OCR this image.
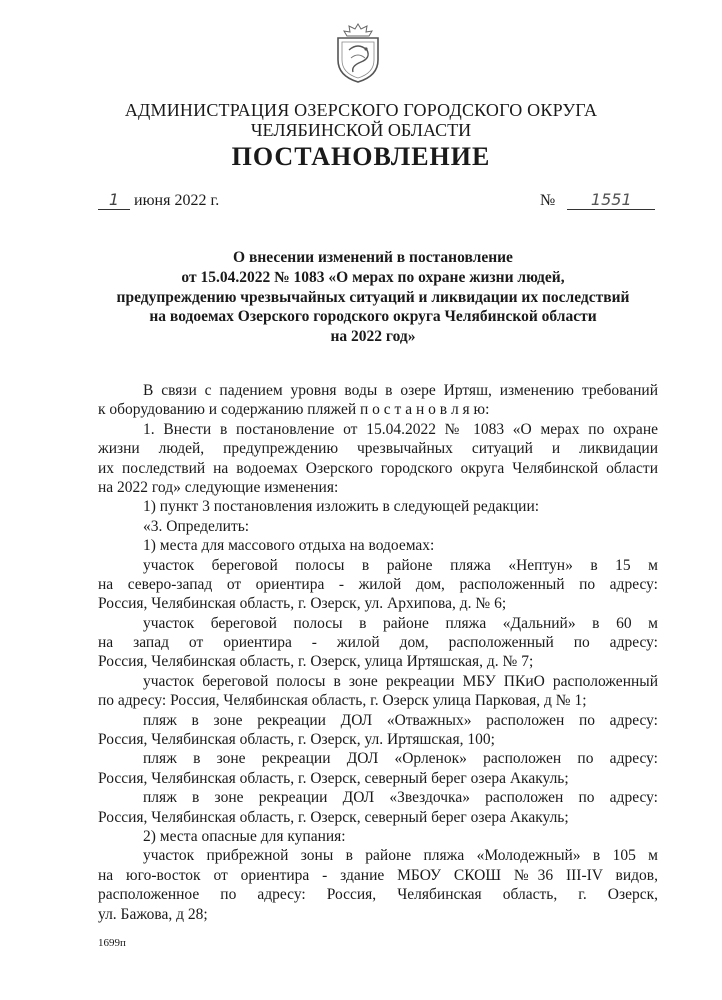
АДМИНИСТРАЦИЯ ОЗЕРСКОГО ГОРОДСКОГО ОКРУГА
ЧЕЛЯБИНСКОЙ ОБЛАСТИ
ПОСТАНОВЛЕНИЕ
1 июня 2022 г.	№ 1551
О внесении изменений в постановление
от 15.04.2022 № 1083 «О мерах по охране жизни людей,
предупреждению чрезвычайных ситуаций и ликвидации их последствий
на водоемах Озерского городского округа Челябинской области
на 2022 год»
В связи с падением уровня воды в озере Иртяш, изменению требований
к оборудованию и содержанию пляжей п о с т а н о в л я ю:
1. Внести в постановление от 15.04.2022 № 1083 «О мерах по охране
жизни людей, предупреждению чрезвычайных ситуаций и ликвидации
их последствий на водоемах Озерского городского округа Челябинской области
на 2022 год» следующие изменения:
1) пункт 3 постановления изложить в следующей редакции:
«3. Определить:
1) места для массового отдыха на водоемах:
участок береговой полосы в районе пляжа «Нептун» в 15 м
на северо-запад от ориентира - жилой дом, расположенный по адресу:
Россия, Челябинская область, г. Озерск, ул. Архипова, д. № 6;
участок береговой полосы в районе пляжа «Дальний» в 60 м
на запад от ориентира - жилой дом, расположенный по адресу:
Россия, Челябинская область, г. Озерск, улица Иртяшская, д. № 7;
участок береговой полосы в зоне рекреации МБУ ПКиО расположенный
по адресу: Россия, Челябинская область, г. Озерск улица Парковая, д № 1;
пляж в зоне рекреации ДОЛ «Отважных» расположен по адресу:
Россия, Челябинская область, г. Озерск, ул. Иртяшская, 100;
пляж в зоне рекреации ДОЛ «Орленок» расположен по адресу:
Россия, Челябинская область, г. Озерск, северный берег озера Акакуль;
пляж в зоне рекреации ДОЛ «Звездочка» расположен по адресу:
Россия, Челябинская область, г. Озерск, северный берег озера Акакуль;
2) места опасные для купания:
участок прибрежной зоны в районе пляжа «Молодежный» в 105 м
на юго-восток от ориентира - здание МБОУ СКОШ №36 III-IV видов,
расположенное по адресу: Россия, Челябинская область, г. Озерск,
ул. Бажова, д 28;
1699п
